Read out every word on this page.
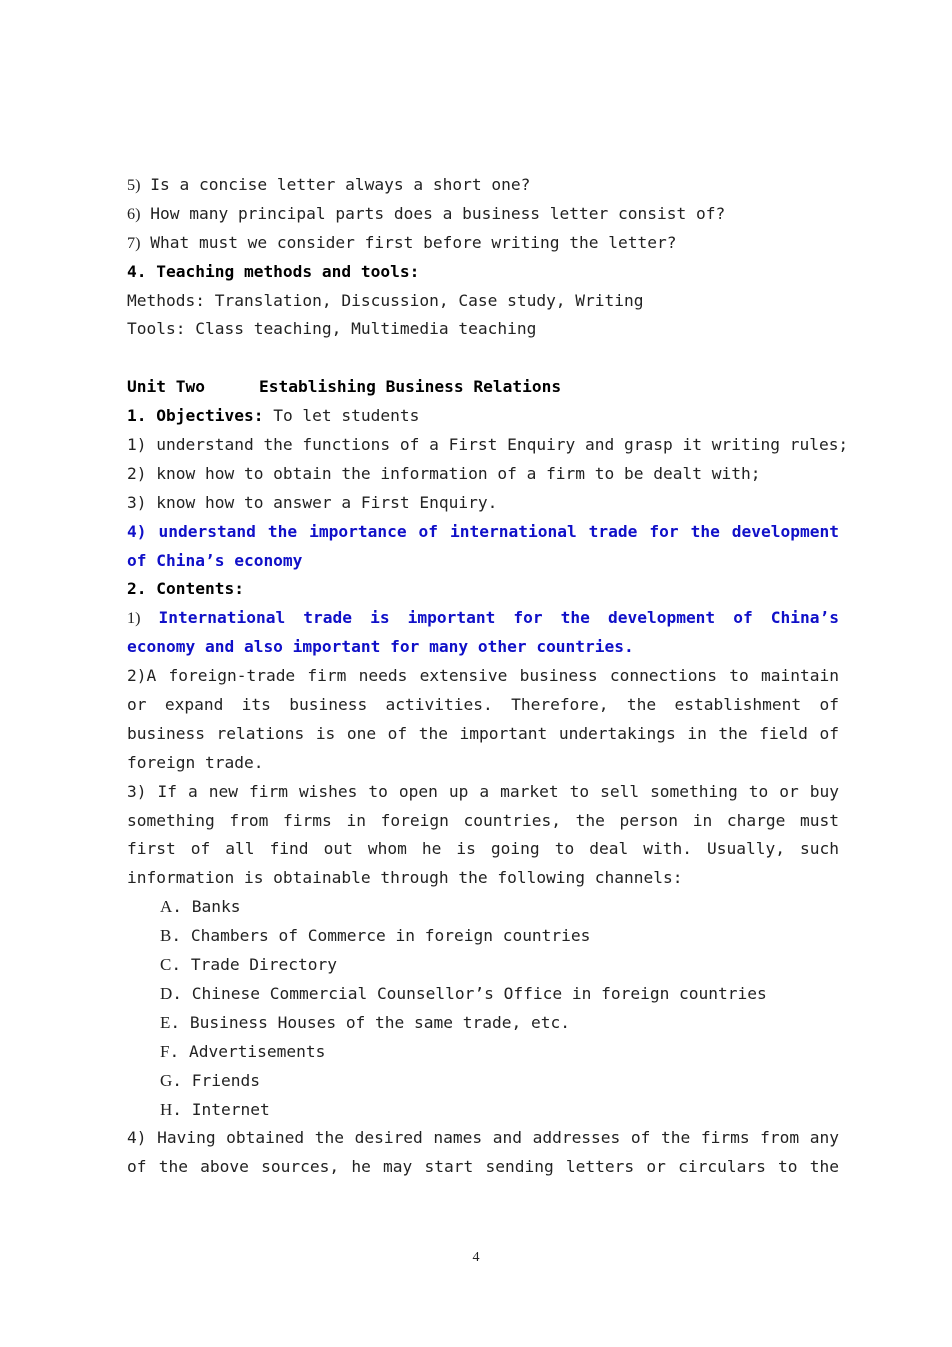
5) Is a concise letter always a short one?
6) How many principal parts does a business letter consist of?
7) What must we consider first before writing the letter?
4. Teaching methods and tools:
Methods: Translation, Discussion, Case study, Writing
Tools: Class teaching, Multimedia teaching
Unit Two	Establishing Business Relations
1. Objectives: To let students
1) understand the functions of a First Enquiry and grasp it writing rules;
2) know how to obtain the information of a firm to be dealt with;
3) know how to answer a First Enquiry.
4) understand the importance of international trade for the development
of China’s economy
2. Contents:
1) International trade is important for the development of China’s
economy and also important for many other countries.
2)A foreign-trade firm needs extensive business connections to maintain
or expand its business activities. Therefore, the establishment of
business relations is one of the important undertakings in the field of
foreign trade.
3) If a new firm wishes to open up a market to sell something to or buy
something from firms in foreign countries, the person in charge must
first of all find out whom he is going to deal with. Usually, such
information is obtainable through the following channels:
A. Banks
B. Chambers of Commerce in foreign countries
C. Trade Directory
D. Chinese Commercial Counsellor’s Office in foreign countries
E. Business Houses of the same trade, etc.
F. Advertisements
G. Friends
H. Internet
4) Having obtained the desired names and addresses of the firms from any
of the above sources, he may start sending letters or circulars to the
4
